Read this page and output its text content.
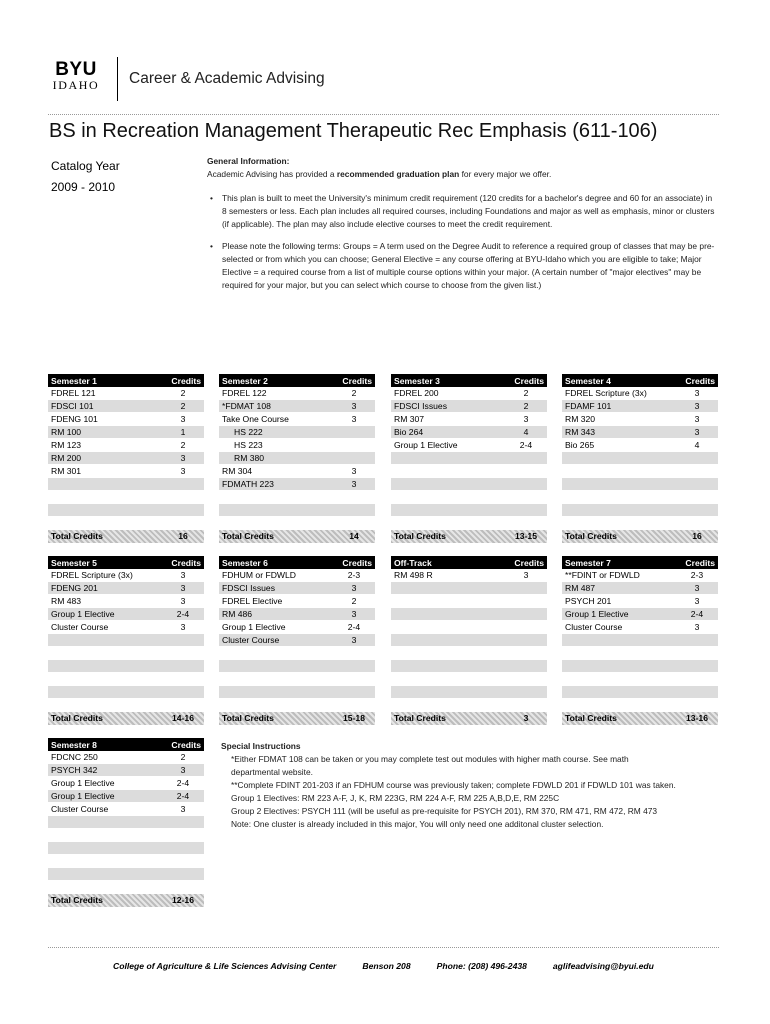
BYU
IDAHO	Career & Academic Advising
BS in Recreation Management Therapeutic Rec Emphasis (611-106)
Catalog Year
2009 - 2010

General Information:

Academic Advising has provided a recommended graduation plan for every major we offer.

• This plan is built to meet the University's minimum credit requirement (120 credits for a bachelor's degree and 60 for an associate) in 8 semesters or less. Each plan includes all required courses, including Foundations and major as well as emphasis, minor or clusters (if applicable). The plan may also include elective courses to meet the credit requirement.

• Please note the following terms: Groups = A term used on the Degree Audit to reference a required group of classes that may be pre-selected or from which you can choose; General Elective = any course offering at BYU-Idaho which you are eligible to take; Major Elective = a required course from a list of multiple course options within your major. (A certain number of "major electives" may be required for your major, but you can select which course to choose from the given list.)

Semester 1	Credits
FDREL 121	2
FDSCI 101	2
FDENG 101	3
RM 100	1
RM 123	2
RM 200	3
RM 301	3
Total Credits	16
Semester 2	Credits
FDREL 122	2
*FDMAT 108	3
Take One Course	3
HS 222
HS 223
RM 380
RM 304	3
FDMATH 223	3
Total Credits	14
Semester 3	Credits
FDREL 200	2
FDSCI Issues	2
RM 307	3
Bio 264	4
Group 1 Elective	2-4
Total Credits	13-15
Semester 4	Credits
FDREL Scripture (3x)	3
FDAMF 101	3
RM 320	3
RM 343	3
Bio 265	4
Total Credits	16
Semester 5	Credits
FDREL Scripture (3x)	3
FDENG 201	3
RM 483	3
Group 1 Elective	2-4
Cluster Course	3
Total Credits	14-16
Semester 6	Credits
FDHUM or FDWLD	2-3
FDSCI Issues	3
FDREL Elective	2
RM 486	3
Group 1 Elective	2-4
Cluster Course	3
Total Credits	15-18
Off-Track	Credits
RM 498 R	3
Total Credits	3
Semester 7	Credits
**FDINT or FDWLD	2-3
RM 487	3
PSYCH 201	3
Group 1 Elective	2-4
Cluster Course	3
Total Credits	13-16
Semester 8	Credits
FDCNC 250	2
PSYCH 342	3
Group 1 Elective	2-4
Group 1 Elective	2-4
Cluster Course	3
Total Credits	12-16
Special Instructions
*Either FDMAT 108 can be taken or you may complete test out modules with higher math course. See math
departmental website.
**Complete FDINT 201-203 if an FDHUM course was previously taken; complete FDWLD 201 if FDWLD 101 was taken.
Group 1 Electives: RM 223 A-F, J, K, RM 223G, RM 224 A-F, RM 225 A,B,D,E, RM 225C
Group 2 Electives: PSYCH 111 (will be useful as pre-requisite for PSYCH 201), RM 370, RM 471, RM 472, RM 473
Note: One cluster is already included in this major, You will only need one additonal cluster selection.
College of Agriculture & Life Sciences Advising Center	Benson 208	Phone: (208) 496-2438	aglifeadvising@byui.edu
